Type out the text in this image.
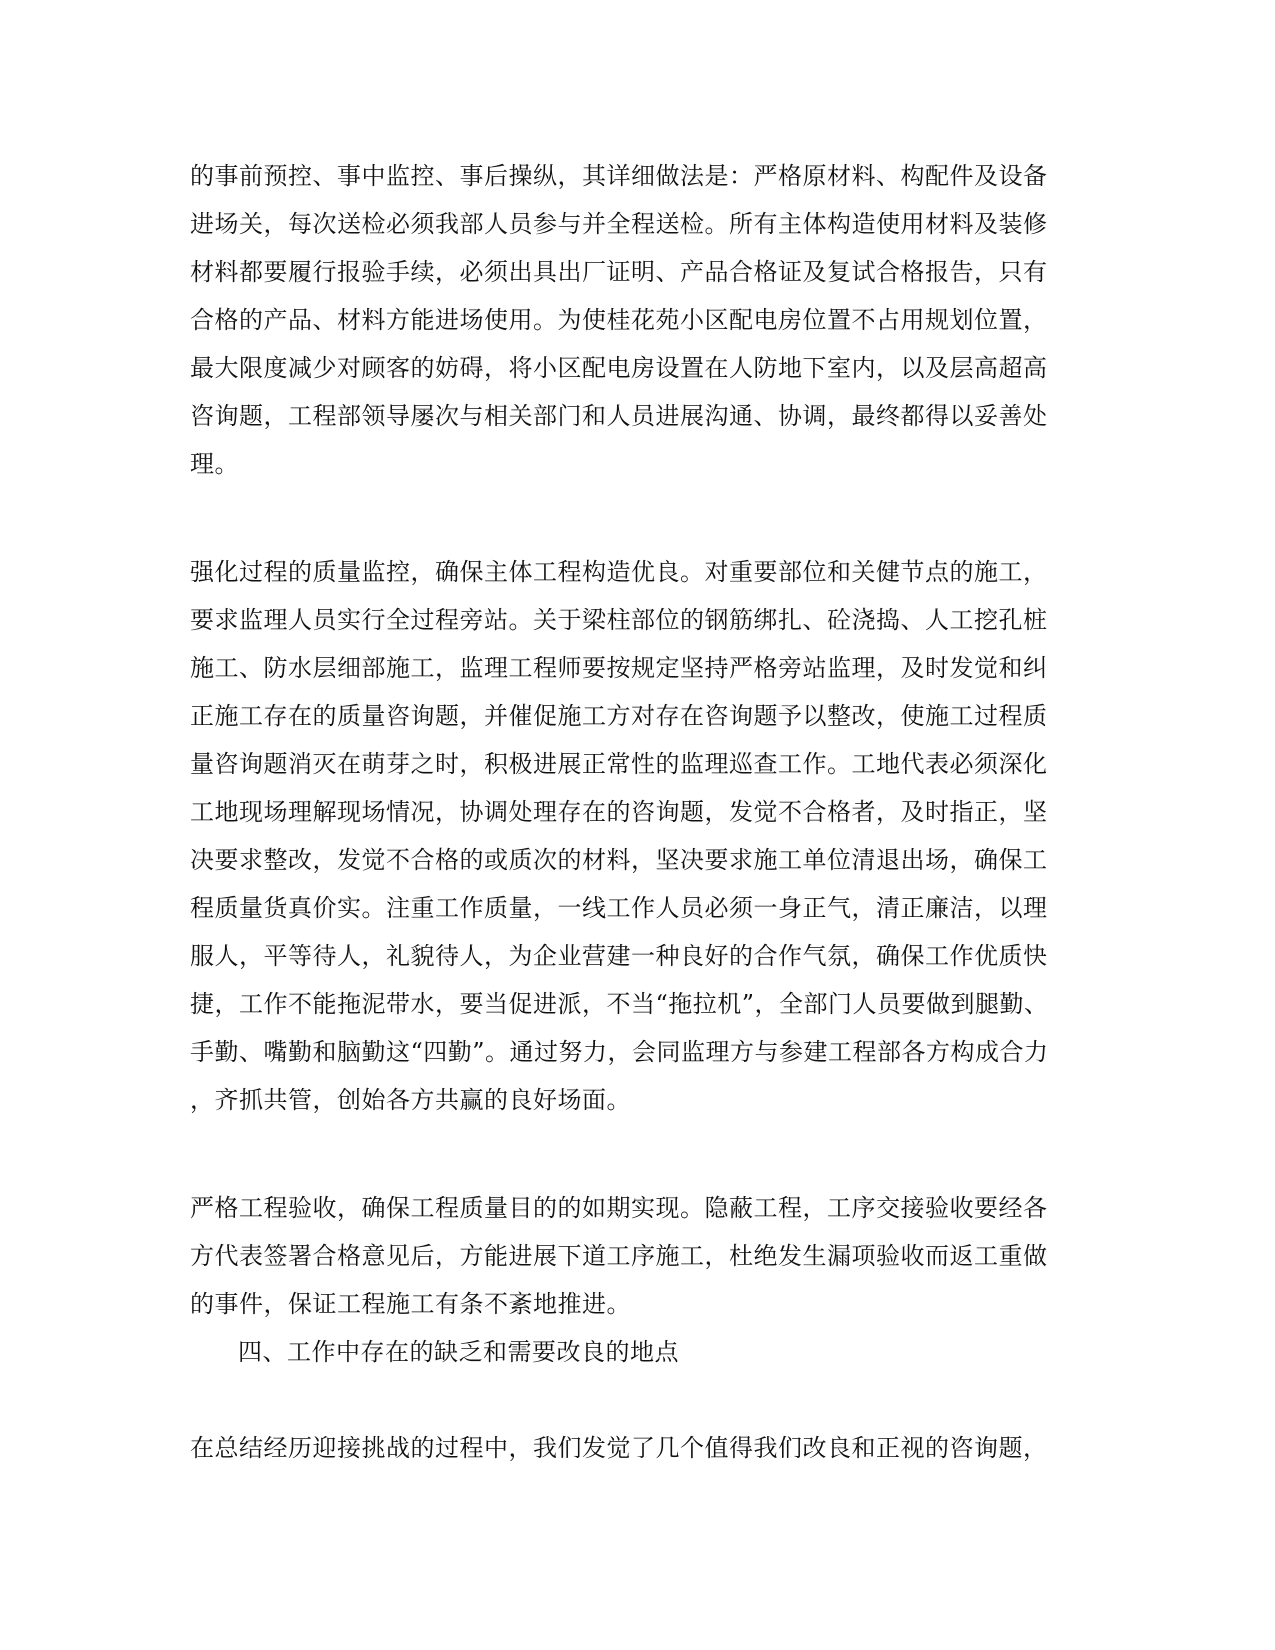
的事前预控、事中监控、事后操纵，其详细做法是：严格原材料、构配件及设备
进场关，每次送检必须我部人员参与并全程送检。所有主体构造使用材料及装修
材料都要履行报验手续，必须出具出厂证明、产品合格证及复试合格报告，只有
合格的产品、材料方能进场使用。为使桂花苑小区配电房位置不占用规划位置，
最大限度减少对顾客的妨碍，将小区配电房设置在人防地下室内，以及层高超高
咨询题，工程部领导屡次与相关部门和人员进展沟通、协调，最终都得以妥善处
理。
强化过程的质量监控，确保主体工程构造优良。对重要部位和关健节点的施工，
要求监理人员实行全过程旁站。关于梁柱部位的钢筋绑扎、砼浇捣、人工挖孔桩
施工、防水层细部施工，监理工程师要按规定坚持严格旁站监理，及时发觉和纠
正施工存在的质量咨询题，并催促施工方对存在咨询题予以整改，使施工过程质
量咨询题消灭在萌芽之时，积极进展正常性的监理巡查工作。工地代表必须深化
工地现场理解现场情况，协调处理存在的咨询题，发觉不合格者，及时指正，坚
决要求整改，发觉不合格的或质次的材料，坚决要求施工单位清退出场，确保工
程质量货真价实。注重工作质量，一线工作人员必须一身正气，清正廉洁，以理
服人，平等待人，礼貌待人，为企业营建一种良好的合作气氛，确保工作优质快
捷，工作不能拖泥带水，要当促进派，不当“拖拉机”，全部门人员要做到腿勤、
手勤、嘴勤和脑勤这“四勤”。通过努力，会同监理方与参建工程部各方构成合力
，齐抓共管，创始各方共赢的良好场面。
严格工程验收，确保工程质量目的的如期实现。隐蔽工程，工序交接验收要经各
方代表签署合格意见后，方能进展下道工序施工，杜绝发生漏项验收而返工重做
的事件，保证工程施工有条不紊地推进。
四、工作中存在的缺乏和需要改良的地点
在总结经历迎接挑战的过程中，我们发觉了几个值得我们改良和正视的咨询题，
